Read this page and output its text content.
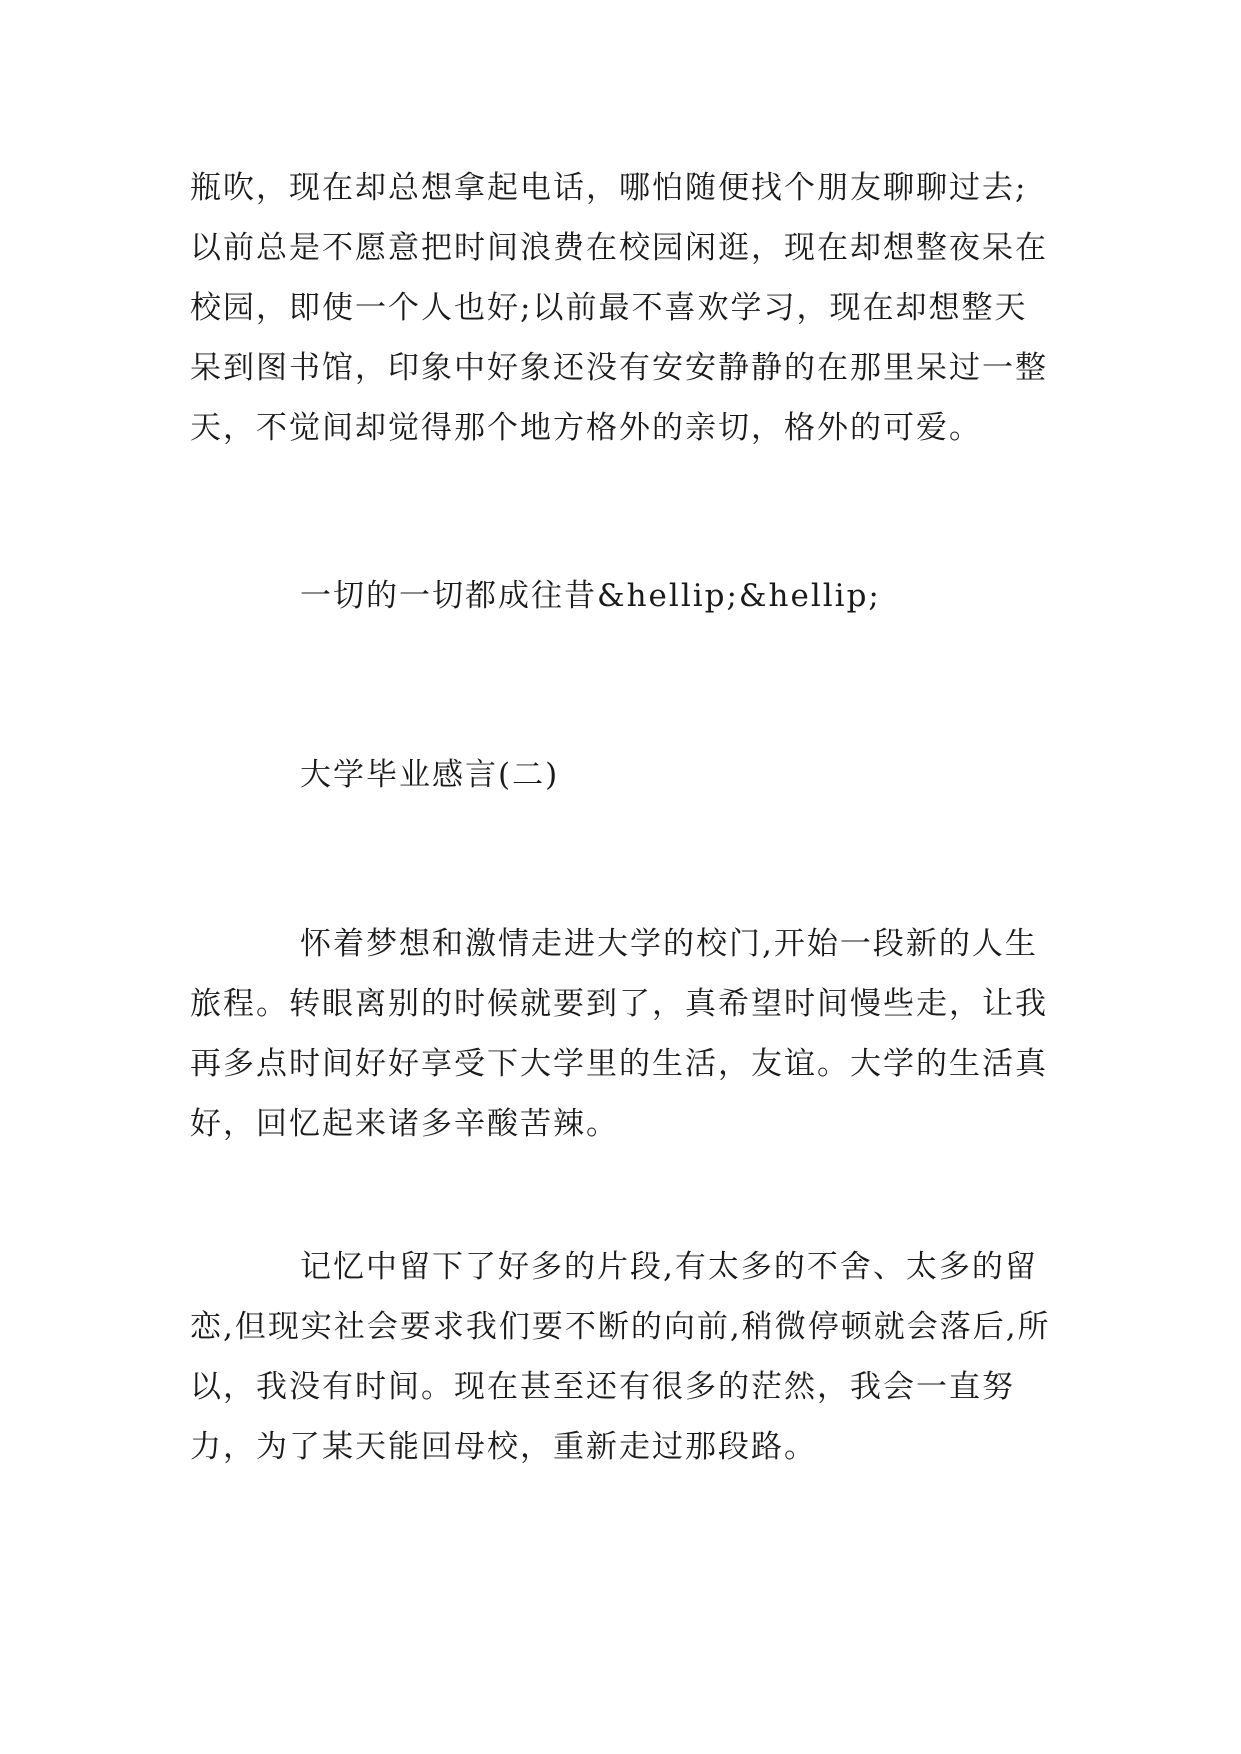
瓶吹，现在却总想拿起电话，哪怕随便找个朋友聊聊过去;以前总是不愿意把时间浪费在校园闲逛，现在却想整夜呆在校园，即使一个人也好;以前最不喜欢学习，现在却想整天呆到图书馆，印象中好象还没有安安静静的在那里呆过一整天，不觉间却觉得那个地方格外的亲切，格外的可爱。

一切的一切都成往昔&hellip;&hellip;

大学毕业感言(二)

怀着梦想和激情走进大学的校门,开始一段新的人生旅程。转眼离别的时候就要到了，真希望时间慢些走，让我再多点时间好好享受下大学里的生活，友谊。大学的生活真好，回忆起来诸多辛酸苦辣。

记忆中留下了好多的片段,有太多的不舍、太多的留恋,但现实社会要求我们要不断的向前,稍微停顿就会落后,所以，我没有时间。现在甚至还有很多的茫然，我会一直努力，为了某天能回母校，重新走过那段路。
